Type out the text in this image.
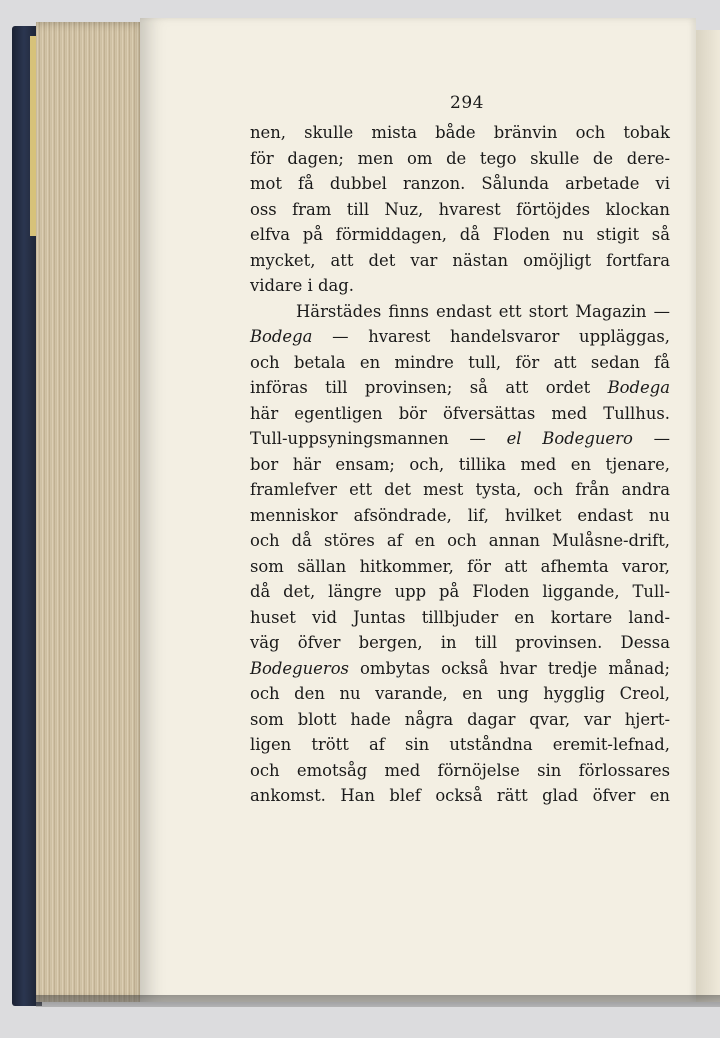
294
nen, skulle mista både bränvin och tobak
för dagen; men om de tego skulle de dere-
mot få dubbel ranzon. Sålunda arbetade vi
oss fram till Nuz, hvarest förtöjdes klockan
elfva på förmiddagen, då Floden nu stigit så
mycket, att det var nästan omöjligt fortfara
vidare i dag.
Härstädes finns endast ett stort Magazin —
Bodega — hvarest handelsvaror uppläggas,
och betala en mindre tull, för att sedan få
införas till provinsen; så att ordet Bodega
här egentligen bör öfversättas med Tullhus.
Tull-uppsyningsmannen — el Bodeguero —
bor här ensam; och, tillika med en tjenare,
framlefver ett det mest tysta, och från andra
menniskor afsöndrade, lif, hvilket endast nu
och då störes af en och annan Mulåsne-drift,
som sällan hitkommer, för att afhemta varor,
då det, längre upp på Floden liggande, Tull-
huset vid Juntas tillbjuder en kortare land-
väg öfver bergen, in till provinsen. Dessa
Bodegueros ombytas också hvar tredje månad;
och den nu varande, en ung hygglig Creol,
som blott hade några dagar qvar, var hjert-
ligen trött af sin utståndna eremit-lefnad,
och emotsåg med förnöjelse sin förlossares
ankomst. Han blef också rätt glad öfver en
